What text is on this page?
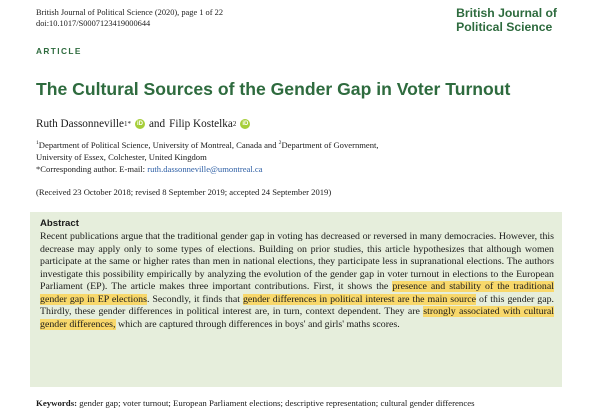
British Journal of Political Science (2020), page 1 of 22
doi:10.1017/S0007123419000644
British Journal of
Political Science
ARTICLE
The Cultural Sources of the Gender Gap in Voter Turnout
Ruth Dassonneville 1*	iD and Filip Kostelka 2	iD
$^1$Department of Political Science, University of Montreal, Canada and $^2$Department of Government,
University of Essex, Colchester, United Kingdom
*Corresponding author. E-mail: ruth.dassonneville@umontreal.ca
(Received 23 October 2018; revised 8 September 2019; accepted 24 September 2019)
Abstract

Recent publications argue that the traditional gender gap in voting has decreased or reversed in many democracies. However, this decrease may apply only to some types of elections. Building on prior studies, this article hypothesizes that although women participate at the same or higher rates than men in national elections, they participate less in supranational elections. The authors investigate this possibility empirically by analyzing the evolution of the gender gap in voter turnout in elections to the European Parliament (EP). The article makes three important contributions. First, it shows the presence and stability of the traditional gender gap in EP elections. Secondly, it finds that gender differences in political interest are the main source of this gender gap. Thirdly, these gender differences in political interest are, in turn, context dependent. They are strongly associated with cultural gender differences, which are captured through differences in boys' and girls' maths scores.

Keywords: gender gap; voter turnout; European Parliament elections; descriptive representation; cultural gender differences
